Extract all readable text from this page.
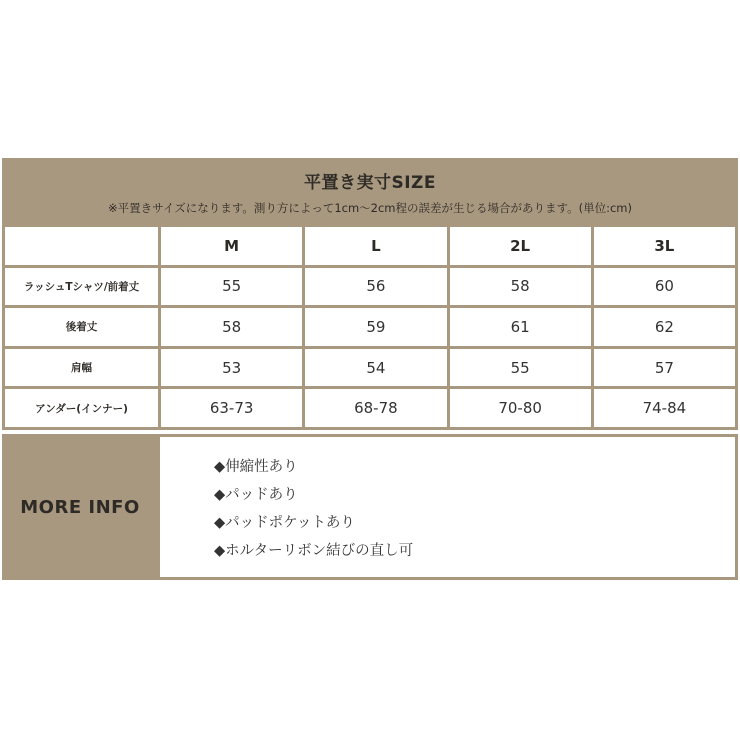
平置き実寸SIZE
※平置きサイズになります。測り方によって1cm〜2cm程の誤差が生じる場合があります。(単位:cm)
	M	L	2L	3L
ラッシュTシャツ/前着丈	55	56	58	60
後着丈	58	59	61	62
肩幅	53	54	55	57
アンダー(インナー)	63-73	68-78	70-80	74-84
MORE INFO
◆伸縮性あり
◆パッドあり
◆パッドポケットあり
◆ホルターリボン結びの直し可
